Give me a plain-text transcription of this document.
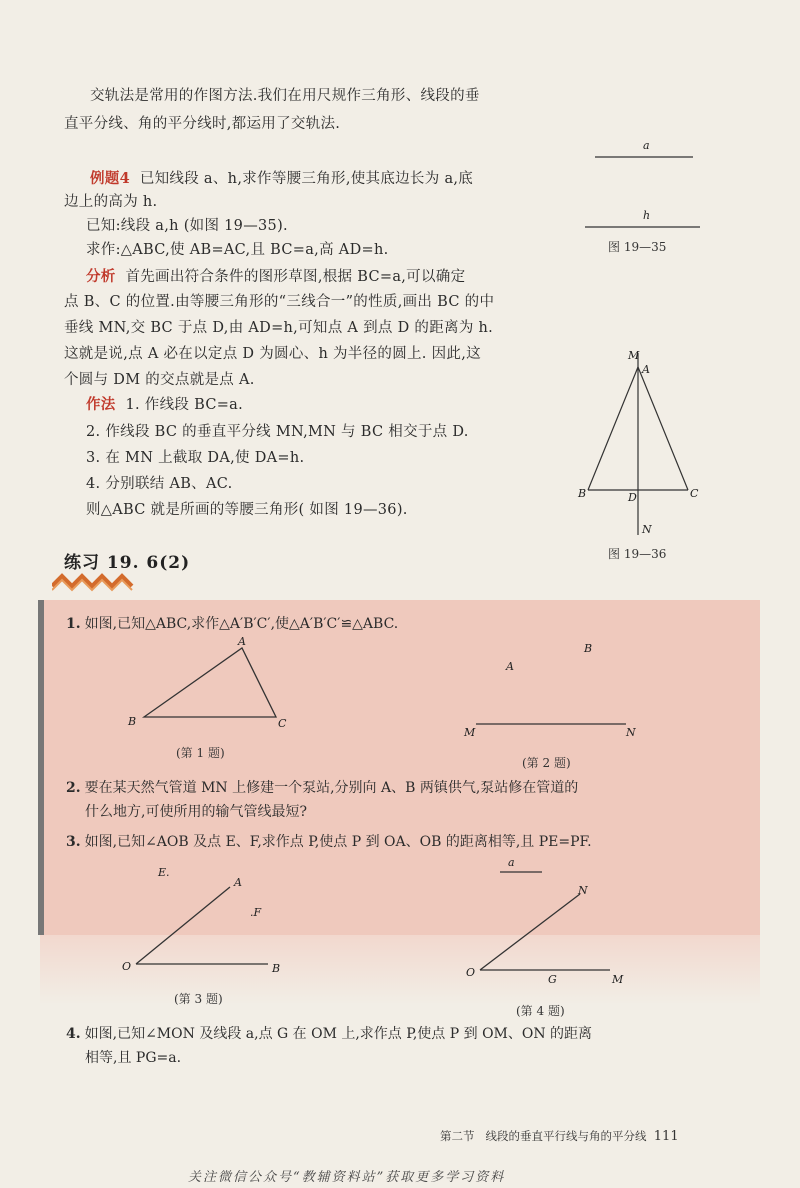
交轨法是常用的作图方法.我们在用尺规作三角形、线段的垂
直平分线、角的平分线时,都运用了交轨法.
例题4 已知线段 a、h,求作等腰三角形,使其底边长为 a,底
边上的高为 h.
已知:线段 a,h (如图 19—35).
求作:△ABC,使 AB=AC,且 BC=a,高 AD=h.
分析 首先画出符合条件的图形草图,根据 BC=a,可以确定
点 B、C 的位置.由等腰三角形的“三线合一”的性质,画出 BC 的中
垂线 MN,交 BC 于点 D,由 AD=h,可知点 A 到点 D 的距离为 h.
这就是说,点 A 必在以定点 D 为圆心、h 为半径的圆上. 因此,这
个圆与 DM 的交点就是点 A.
作法 1. 作线段 BC=a.
2. 作线段 BC 的垂直平分线 MN,MN 与 BC 相交于点 D.
3. 在 MN 上截取 DA,使 DA=h.
4. 分别联结 AB、AC.
则△ABC 就是所画的等腰三角形( 如图 19—36).
a
h
图 19—35
M
A
B	D	C
N
图 19—36
练习 19. 6(2)
1. 如图,已知△ABC,求作△A′B′C′,使△A′B′C′≌△ABC.
A
B	C
(第 1 题)
A
B
M	N
(第 2 题)
2. 要在某天然气管道 MN 上修建一个泵站,分别向 A、B 两镇供气,泵站修在管道的
什么地方,可使所用的输气管线最短?
3. 如图,已知∠AOB 及点 E、F,求作点 P,使点 P 到 OA、OB 的距离相等,且 PE=PF.
E.
A
.F
O	B
(第 3 题)
a
N
O
G	M
(第 4 题)
4. 如图,已知∠MON 及线段 a,点 G 在 OM 上,求作点 P,使点 P 到 OM、ON 的距离
相等,且 PG=a.
第二节 线段的垂直平行线与角的平分线 111
关注微信公众号“教辅资料站”获取更多学习资料
